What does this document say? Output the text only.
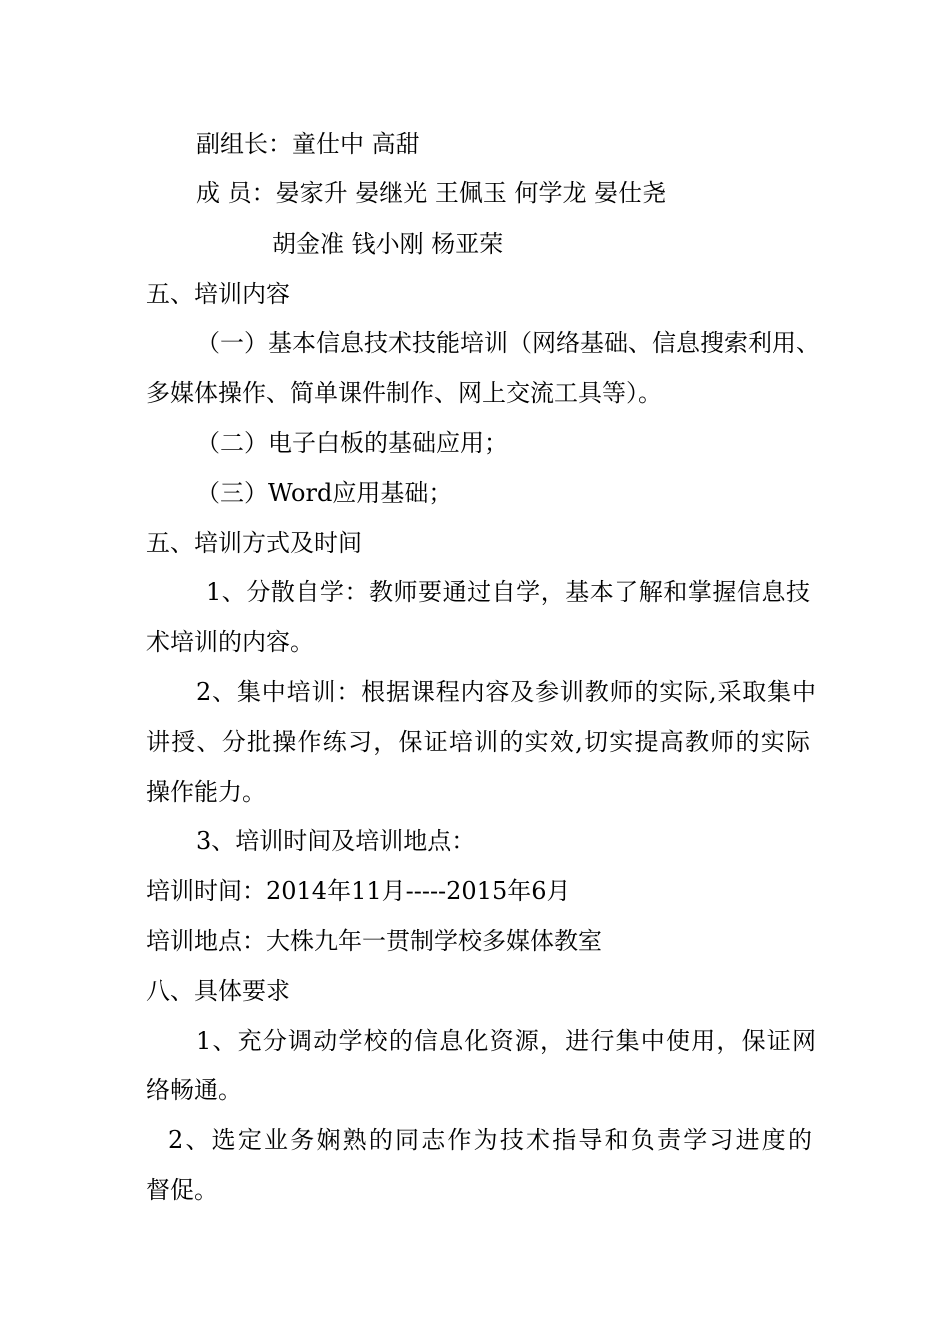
副组长：童仕中 高甜
成 员：晏家升 晏继光 王佩玉 何学龙 晏仕尧
胡金准 钱小刚 杨亚荣
五、培训内容
（一）基本信息技术技能培训（网络基础、信息搜索利用、
多媒体操作、简单课件制作、网上交流工具等）。
（二）电子白板的基础应用；
（三）Word应用基础；
五、培训方式及时间
1、分散自学：教师要通过自学，基本了解和掌握信息技
术培训的内容。
2、集中培训：根据课程内容及参训教师的实际,采取集中
讲授、分批操作练习，保证培训的实效,切实提高教师的实际
操作能力。
3、培训时间及培训地点：
培训时间：2014年11月-----2015年6月
培训地点：大株九年一贯制学校多媒体教室
八、具体要求
1、充分调动学校的信息化资源，进行集中使用，保证网
络畅通。
2、选定业务娴熟的同志作为技术指导和负责学习进度的
督促。
